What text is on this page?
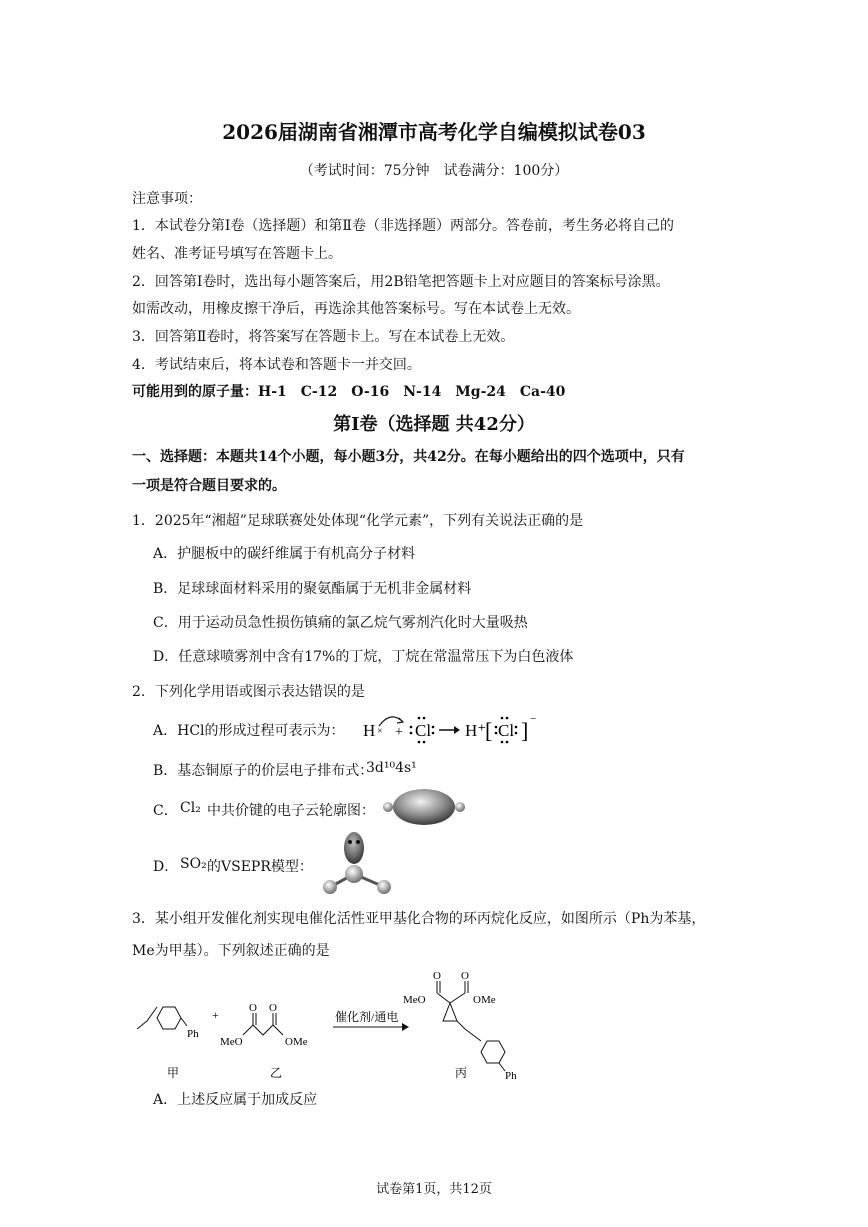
2026届湖南省湘潭市高考化学自编模拟试卷03
（考试时间：75分钟　试卷满分：100分）
注意事项：
1．本试卷分第Ⅰ卷（选择题）和第Ⅱ卷（非选择题）两部分。答卷前，考生务必将自己的
姓名、准考证号填写在答题卡上。
2．回答第Ⅰ卷时，选出每小题答案后，用2B铅笔把答题卡上对应题目的答案标号涂黑。
如需改动，用橡皮擦干净后，再选涂其他答案标号。写在本试卷上无效。
3．回答第Ⅱ卷时，将答案写在答题卡上。写在本试卷上无效。
4．考试结束后，将本试卷和答题卡一并交回。
可能用到的原子量：H-1　C-12　O-16　N-14　Mg-24　Ca-40
第Ⅰ卷（选择题 共42分）
一、选择题：本题共14个小题，每小题3分，共42分。在每小题给出的四个选项中，只有
一项是符合题目要求的。
1．2025年“湘超”足球联赛处处体现“化学元素”，下列有关说法正确的是
A．护腿板中的碳纤维属于有机高分子材料
B．足球球面材料采用的聚氨酯属于无机非金属材料
C．用于运动员急性损伤镇痛的氯乙烷气雾剂汽化时大量吸热
D．任意球喷雾剂中含有17%的丁烷，丁烷在常温常压下为白色液体
2．下列化学用语或图示表达错误的是
A．HCl的形成过程可表示为： H × + Cl H⁺
[ Cl ] −
B．基态铜原子的价层电子排布式：
3d¹⁰4s¹
C． Cl₂ 中共价键的电子云轮廓图：
D． SO₂ 的VSEPR模型：
3．某小组开发催化剂实现电催化活性亚甲基化合物的环丙烷化反应，如图所示（Ph为苯基，
Me为甲基）。下列叙述正确的是
Ph
+
MeO	OMe
O O
催化剂/通电
O O
MeO	OMe
Ph
甲	乙	丙
A．上述反应属于加成反应
试卷第1页，共12页
